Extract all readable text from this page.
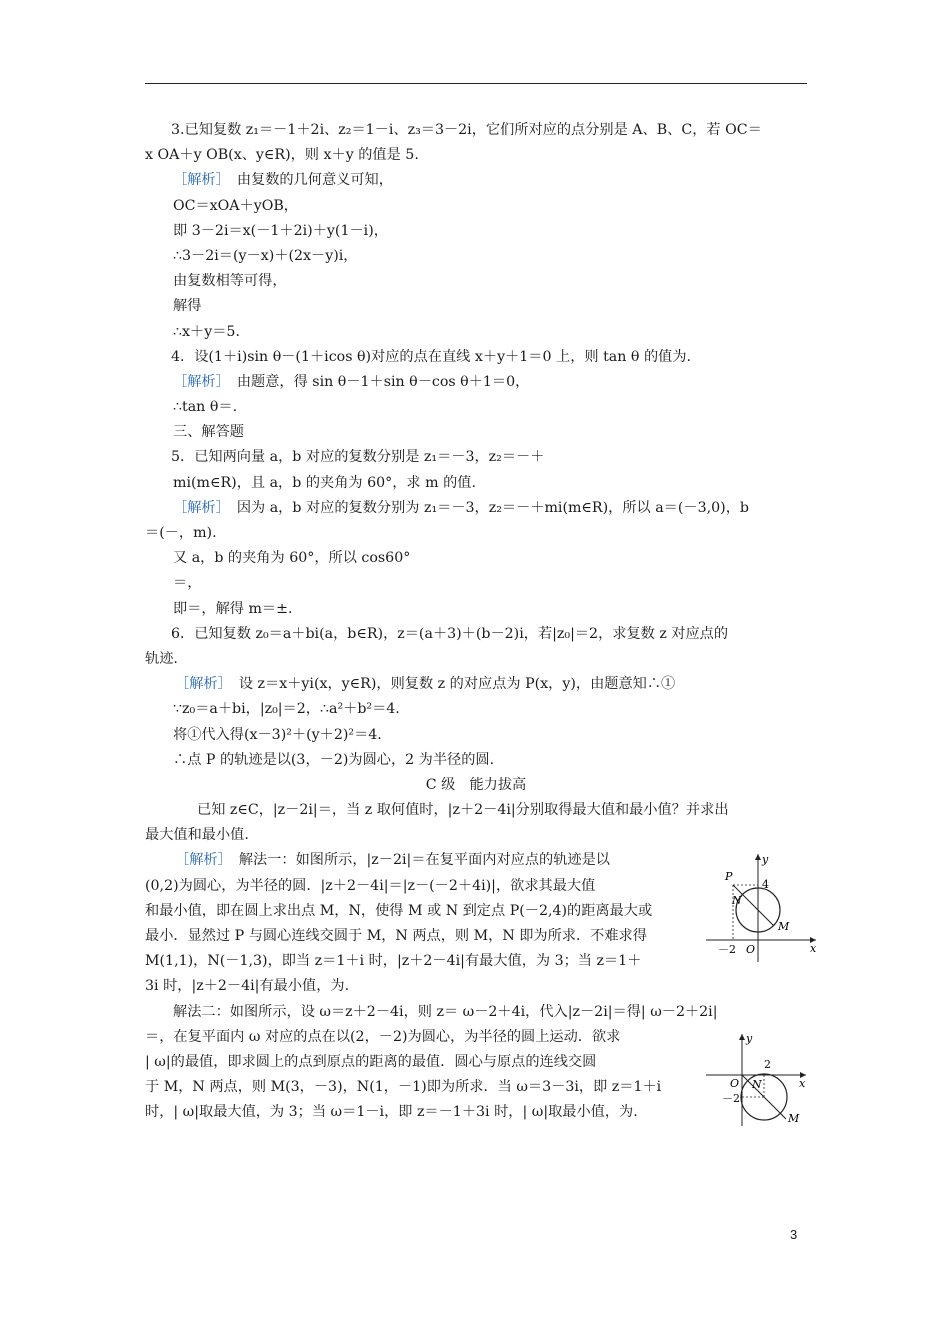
3.已知复数 z₁＝－1＋2i、z₂＝1－i、z₃＝3－2i，它们所对应的点分别是 A、B、C，若 OC＝
x OA＋y OB(x、y∈R)，则 x＋y 的值是 5.
［解析］　由复数的几何意义可知，
OC＝xOA＋yOB，
即 3－2i＝x(－1＋2i)＋y(1－i)，
∴3－2i＝(y－x)＋(2x－y)i，
由复数相等可得，
解得
∴x＋y＝5.
4．设(1＋i)sin θ－(1＋icos θ)对应的点在直线 x＋y＋1＝0 上，则 tan θ 的值为.
［解析］　由题意，得 sin θ－1＋sin θ－cos θ＋1＝0，
∴tan θ＝.
三、解答题
5．已知两向量 a，b 对应的复数分别是 z₁＝－3，z₂＝－＋
mi(m∈R)，且 a，b 的夹角为 60°，求 m 的值.
［解析］　因为 a，b 对应的复数分别为 z₁＝－3，z₂＝－＋mi(m∈R)，所以 a＝(－3,0)，b
＝(－，m).
又 a，b 的夹角为 60°，所以 cos60°
＝，
即＝，解得 m＝±.
6．已知复数 z₀＝a＋bi(a，b∈R)，z＝(a＋3)＋(b－2)i，若|z₀|＝2，求复数 z 对应点的
轨迹.
［解析］　设 z＝x＋yi(x，y∈R)，则复数 z 的对应点为 P(x，y)，由题意知∴①
∵z₀＝a＋bi，|z₀|＝2，∴a²＋b²＝4.
将①代入得(x－3)²＋(y＋2)²＝4.
∴点 P 的轨迹是以(3，－2)为圆心，2 为半径的圆.
C 级　能力拔高
已知 z∈C，|z－2i|＝，当 z 取何值时，|z＋2－4i|分别取得最大值和最小值？并求出
最大值和最小值.
［解析］　解法一：如图所示，|z－2i|＝在复平面内对应点的轨迹是以
(0,2)为圆心，为半径的圆．|z＋2－4i|＝|z－(－2＋4i)|，欲求其最大值
和最小值，即在圆上求出点 M，N，使得 M 或 N 到定点 P(－2,4)的距离最大或
最小．显然过 P 与圆心连线交圆于 M，N 两点，则 M，N 即为所求．不难求得
M(1,1)，N(－1,3)，即当 z＝1＋i 时，|z＋2－4i|有最大值，为 3；当 z＝1＋
3i 时，|z＋2－4i|有最小值，为.
解法二：如图所示，设 ω＝z＋2－4i，则 z＝ ω－2＋4i，代入|z－2i|＝得| ω－2＋2i|
＝，在复平面内 ω 对应的点在以(2，－2)为圆心，为半径的圆上运动．欲求
| ω|的最值，即求圆上的点到原点的距离的最值．圆心与原点的连线交圆
于 M，N 两点，则 M(3，－3)，N(1，－1)即为所求．当 ω＝3－3i，即 z＝1＋i
时，| ω|取最大值，为 3；当 ω＝1－i，即 z＝－1＋3i 时，| ω|取最小值，为.
y
x
P
N
M
O
4
－2
y
x
O N
M
2
－2
3
